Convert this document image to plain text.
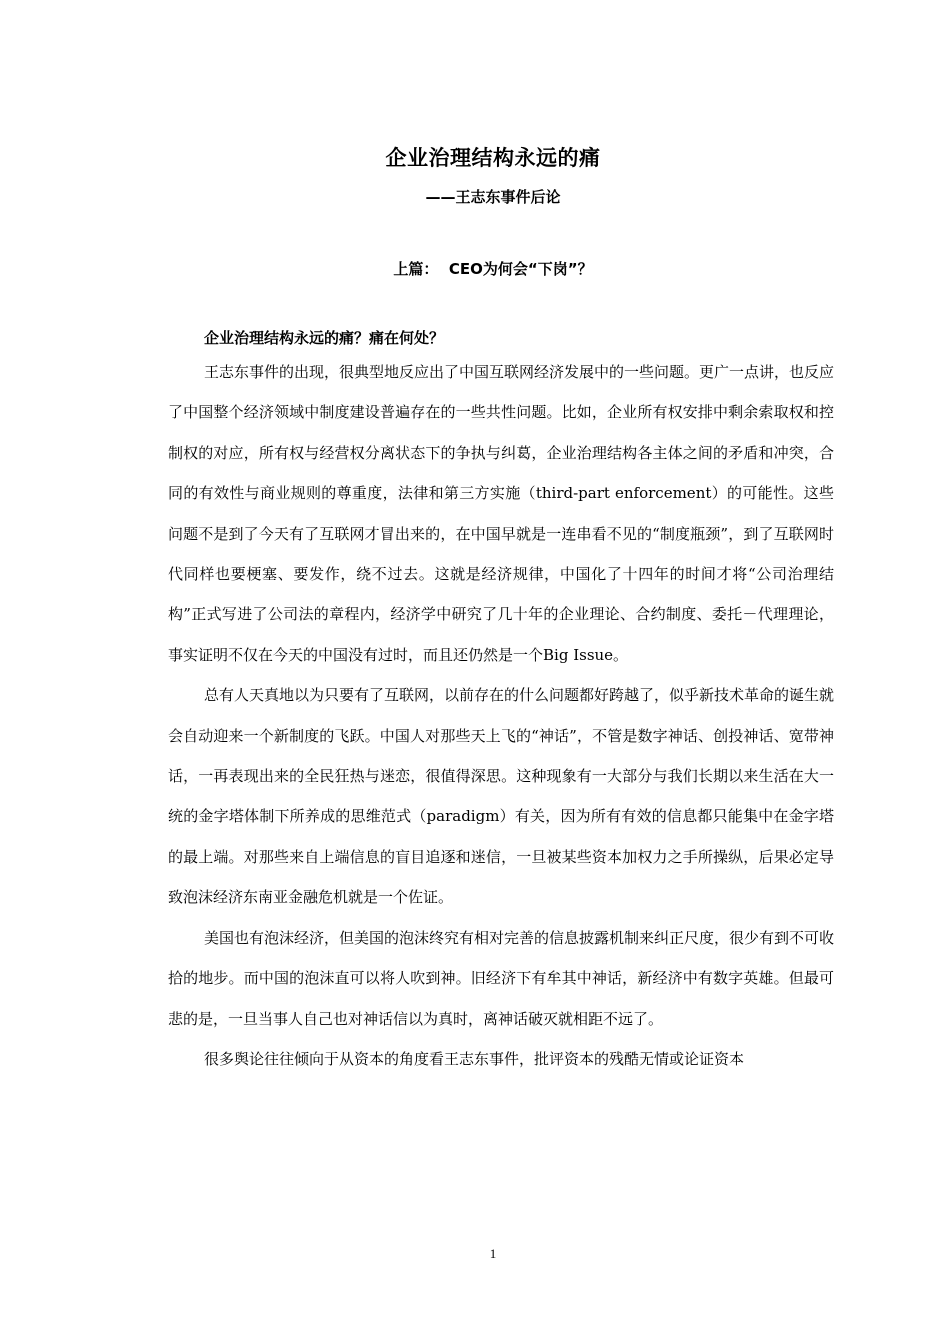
企业治理结构永远的痛
——王志东事件后论
上篇：  CEO为何会“下岗”？
企业治理结构永远的痛？痛在何处？

王志东事件的出现，很典型地反应出了中国互联网经济发展中的一些问题。更广一点讲，也反应了中国整个经济领域中制度建设普遍存在的一些共性问题。比如，企业所有权安排中剩余索取权和控制权的对应，所有权与经营权分离状态下的争执与纠葛，企业治理结构各主体之间的矛盾和冲突，合同的有效性与商业规则的尊重度，法律和第三方实施（third-part enforcement）的可能性。这些问题不是到了今天有了互联网才冒出来的，在中国早就是一连串看不见的“制度瓶颈”，到了互联网时代同样也要梗塞、要发作，绕不过去。这就是经济规律，中国化了十四年的时间才将“公司治理结构”正式写进了公司法的章程内，经济学中研究了几十年的企业理论、合约制度、委托－代理理论，事实证明不仅在今天的中国没有过时，而且还仍然是一个Big Issue。

总有人天真地以为只要有了互联网，以前存在的什么问题都好跨越了，似乎新技术革命的诞生就会自动迎来一个新制度的飞跃。中国人对那些天上飞的“神话”，不管是数字神话、创投神话、宽带神话，一再表现出来的全民狂热与迷恋，很值得深思。这种现象有一大部分与我们长期以来生活在大一统的金字塔体制下所养成的思维范式（paradigm）有关，因为所有有效的信息都只能集中在金字塔的最上端。对那些来自上端信息的盲目追逐和迷信，一旦被某些资本加权力之手所操纵，后果必定导致泡沫经济东南亚金融危机就是一个佐证。

美国也有泡沫经济，但美国的泡沫终究有相对完善的信息披露机制来纠正尺度，很少有到不可收拾的地步。而中国的泡沫直可以将人吹到神。旧经济下有牟其中神话，新经济中有数字英雄。但最可悲的是，一旦当事人自己也对神话信以为真时，离神话破灭就相距不远了。

很多舆论往往倾向于从资本的角度看王志东事件，批评资本的残酷无情或论证资本

1
